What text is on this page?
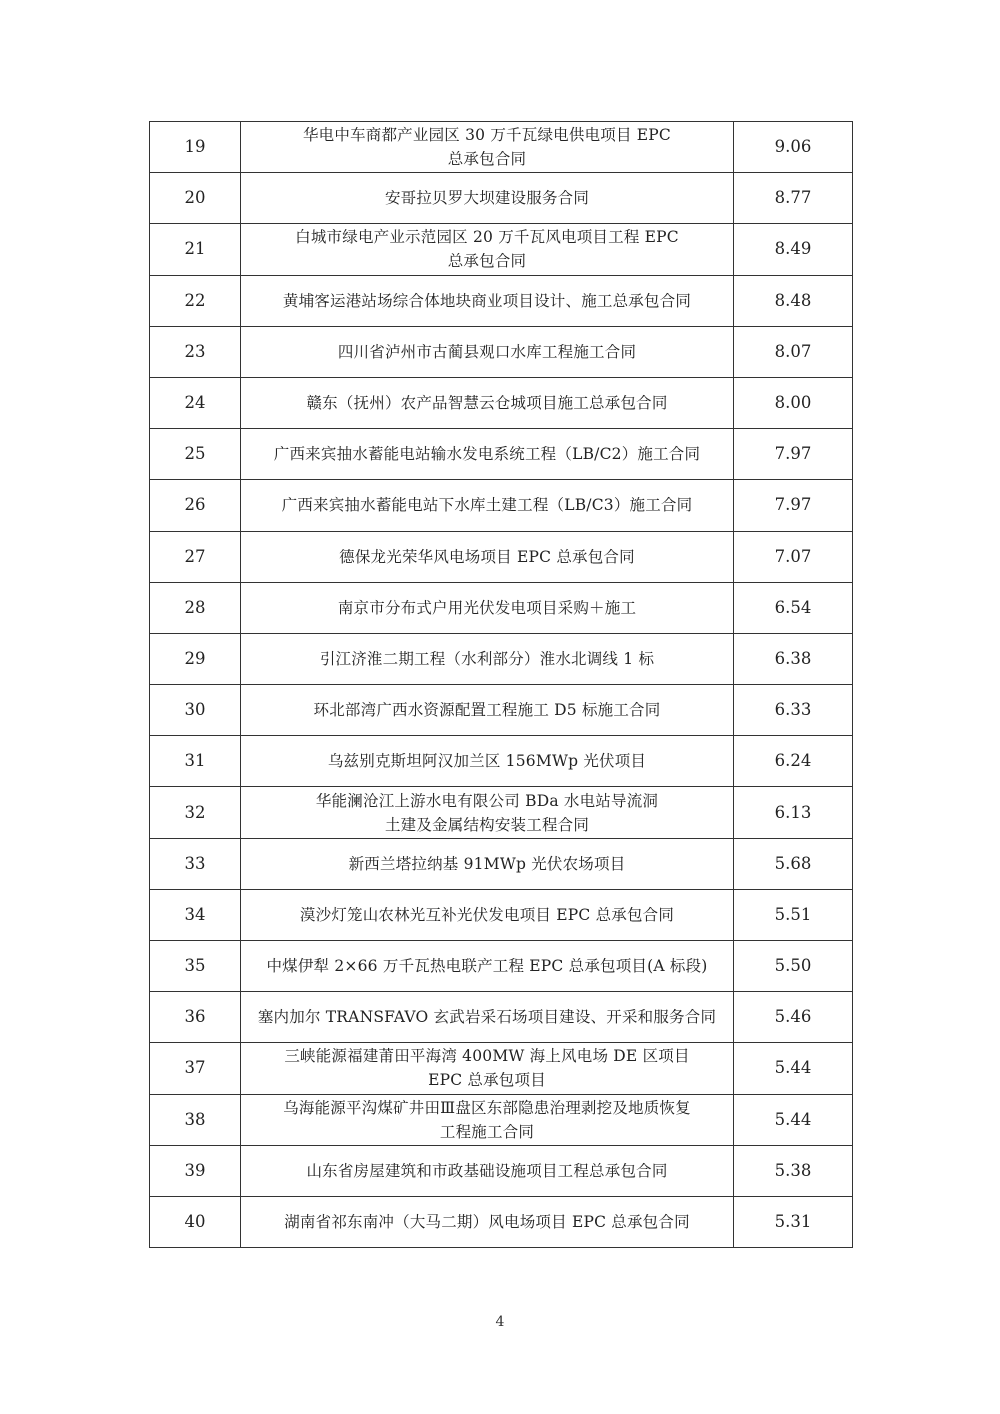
19	华电中车商都产业园区 30 万千瓦绿电供电项目 EPC
总承包合同	9.06
20	安哥拉贝罗大坝建设服务合同	8.77
21	白城市绿电产业示范园区 20 万千瓦风电项目工程 EPC
总承包合同	8.49
22	黄埔客运港站场综合体地块商业项目设计、施工总承包合同	8.48
23	四川省泸州市古蔺县观口水库工程施工合同	8.07
24	赣东（抚州）农产品智慧云仓城项目施工总承包合同	8.00
25	广西来宾抽水蓄能电站输水发电系统工程（LB/C2）施工合同	7.97
26	广西来宾抽水蓄能电站下水库土建工程（LB/C3）施工合同	7.97
27	德保龙光荣华风电场项目 EPC 总承包合同	7.07
28	南京市分布式户用光伏发电项目采购＋施工	6.54
29	引江济淮二期工程（水利部分）淮水北调线 1 标	6.38
30	环北部湾广西水资源配置工程施工 D5 标施工合同	6.33
31	乌兹别克斯坦阿汉加兰区 156MWp 光伏项目	6.24
32	华能澜沧江上游水电有限公司 BDa 水电站导流洞
土建及金属结构安装工程合同	6.13
33	新西兰塔拉纳基 91MWp 光伏农场项目	5.68
34	漠沙灯笼山农林光互补光伏发电项目 EPC 总承包合同	5.51
35	中煤伊犁 2×66 万千瓦热电联产工程 EPC 总承包项目(A 标段)	5.50
36	塞内加尔 TRANSFAVO 玄武岩采石场项目建设、开采和服务合同	5.46
37	三峡能源福建莆田平海湾 400MW 海上风电场 DE 区项目
EPC 总承包项目	5.44
38	乌海能源平沟煤矿井田Ⅲ盘区东部隐患治理剥挖及地质恢复
工程施工合同	5.44
39	山东省房屋建筑和市政基础设施项目工程总承包合同	5.38
40	湖南省祁东南冲（大马二期）风电场项目 EPC 总承包合同	5.31
4
